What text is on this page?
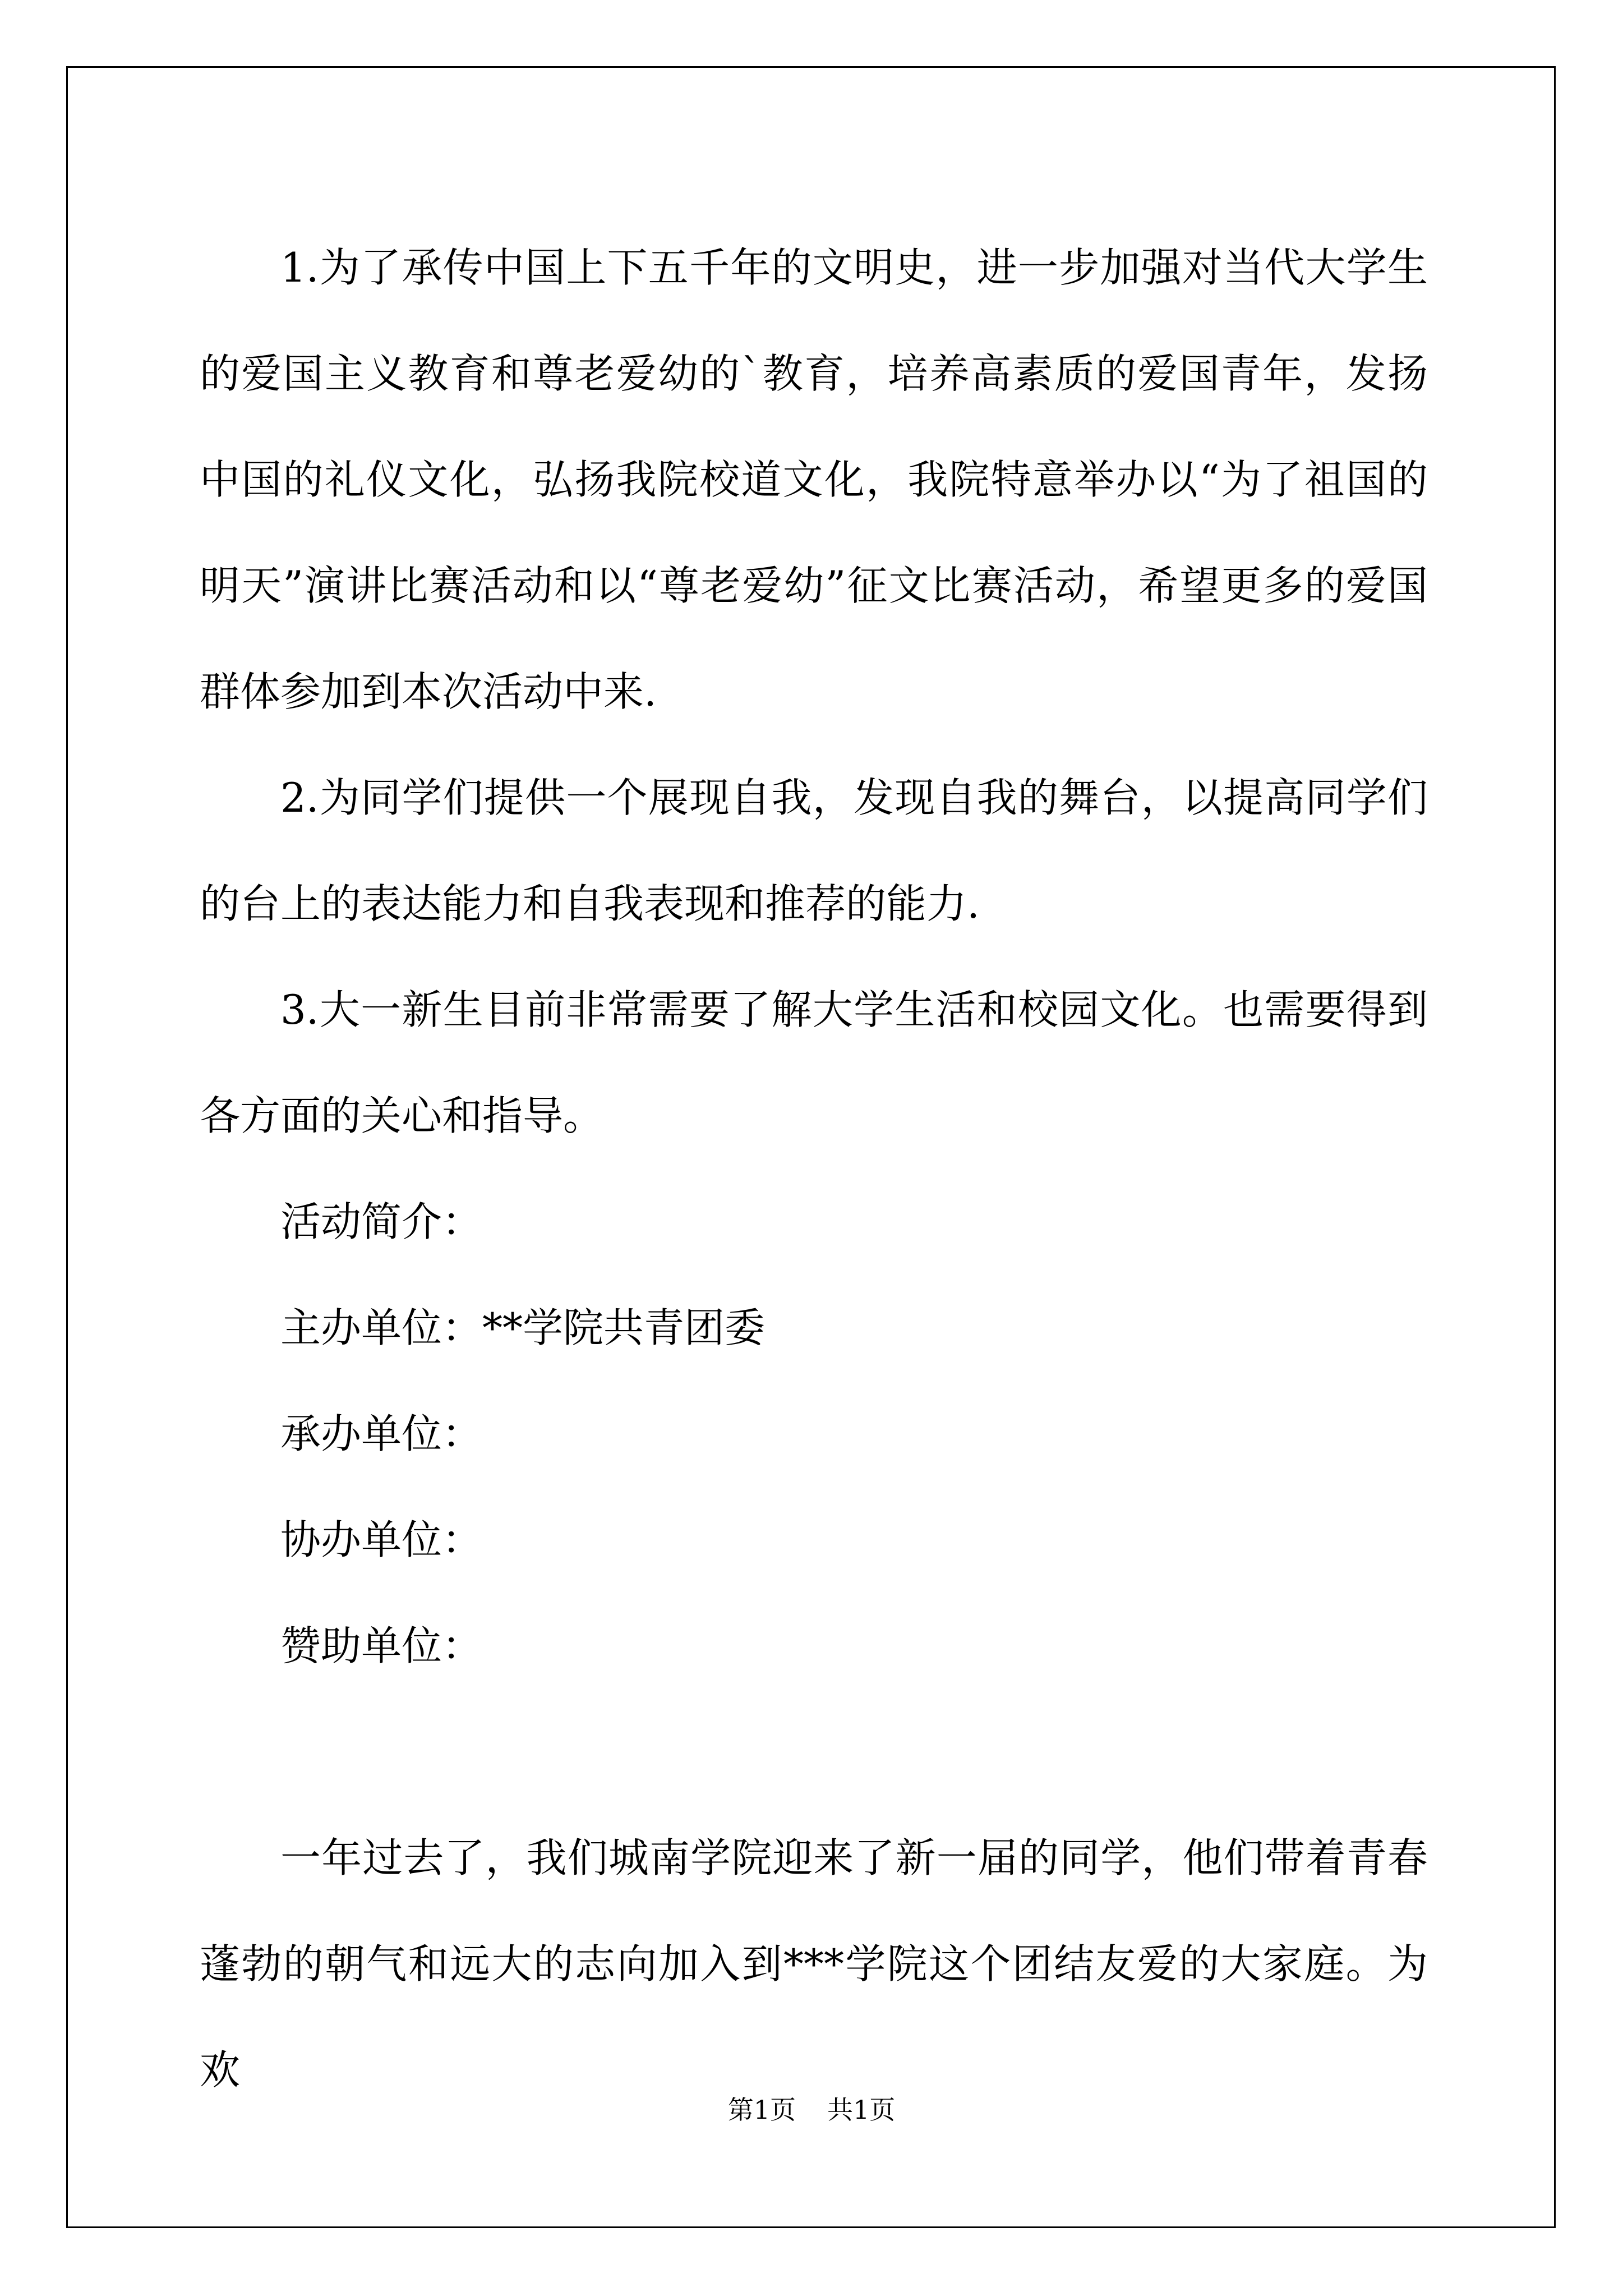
1.为了承传中国上下五千年的文明史，进一步加强对当代大学生的爱国主义教育和尊老爱幼的`教育，培养高素质的爱国青年，发扬中国的礼仪文化，弘扬我院校道文化，我院特意举办以“为了祖国的明天”演讲比赛活动和以“尊老爱幼”征文比赛活动，希望更多的爱国群体参加到本次活动中来.

2.为同学们提供一个展现自我，发现自我的舞台，以提高同学们的台上的表达能力和自我表现和推荐的能力.

3.大一新生目前非常需要了解大学生活和校园文化。也需要得到各方面的关心和指导。

活动简介：

主办单位：**学院共青团委

承办单位：

协办单位：

赞助单位：

一年过去了，我们城南学院迎来了新一届的同学，他们带着青春蓬勃的朝气和远大的志向加入到***学院这个团结友爱的大家庭。为欢

第1页 共1页
